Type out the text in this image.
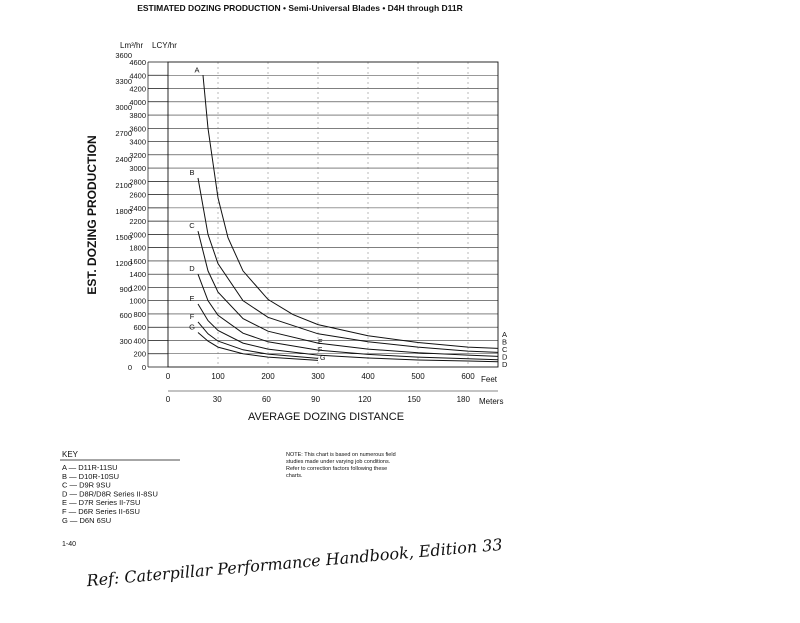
ESTIMATED DOZING PRODUCTION • Semi-Universal Blades • D4H through D11R
Lm³/hr LCY/hr
EST. DOZING PRODUCTION
0
200
400
600
800
1000
1200
1400
1600
1800
2000
2200
2400
2600
2800
3000
3200
3400
3600
3800
4000
4200
4400
4600
0
300
600
900
1200
1500
1800
2100
2400
2700
3000
3300
3600
0	100	200	300	400	500	600
0	30	60	90	120	150	180
A
B
C
D
E
F
G
A
B
C
D
D
E
F
G
Feet
Meters
AVERAGE DOZING DISTANCE
NOTE: This chart is based on numerous field studies made under varying job conditions. Refer to correction factors following these charts.
KEY
A — D11R-11SU
B — D10R-10SU
C — D9R 9SU
D — D8R/D8R Series II-8SU
E — D7R Series II-7SU
F — D6R Series II-6SU
G — D6N 6SU
1-40 Ref: Caterpillar Performance Handbook, Edition 33
